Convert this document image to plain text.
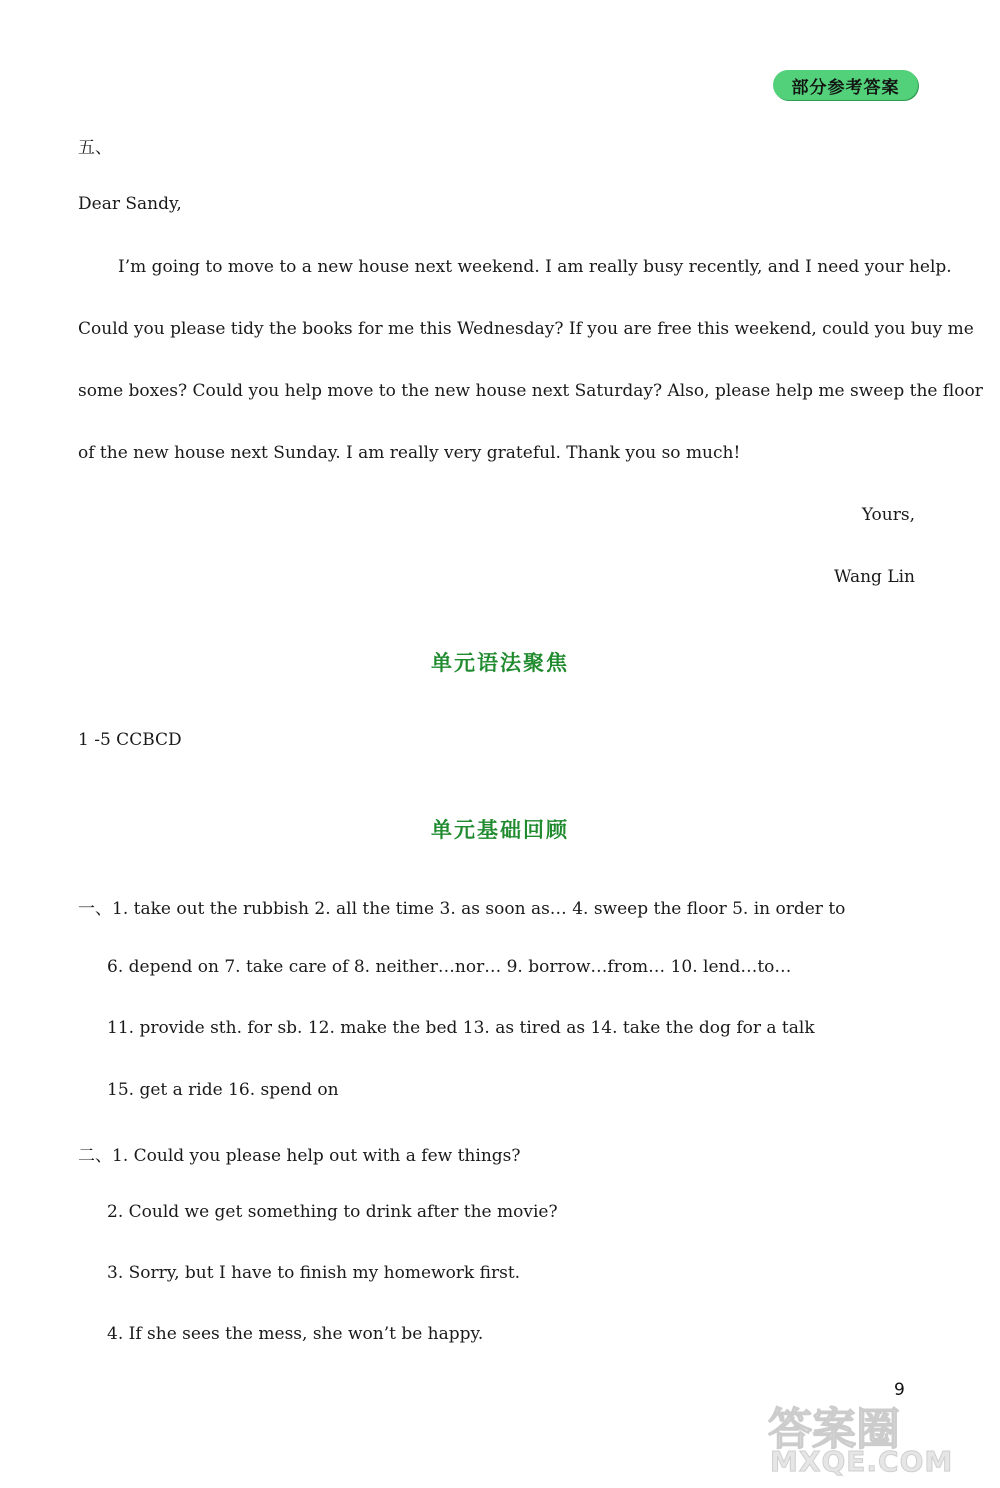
部分参考答案
五、
Dear Sandy,
I’m going to move to a new house next weekend. I am really busy recently, and I need your help.
Could you please tidy the books for me this Wednesday? If you are free this weekend, could you buy me
some boxes? Could you help move to the new house next Saturday? Also, please help me sweep the floor
of the new house next Sunday. I am really very grateful. Thank you so much!
Yours,
Wang Lin
单元语法聚焦
1 -5 CCBCD
单元基础回顾
一、1. take out the rubbish 2. all the time 3. as soon as… 4. sweep the floor 5. in order to
6. depend on 7. take care of 8. neither…nor… 9. borrow…from… 10. lend…to…
11. provide sth. for sb. 12. make the bed 13. as tired as 14. take the dog for a talk
15. get a ride 16. spend on
二、1. Could you please help out with a few things?
2. Could we get something to drink after the movie?
3. Sorry, but I have to finish my homework first.
4. If she sees the mess, she won’t be happy.
9
答案圈
MXQE.COM
